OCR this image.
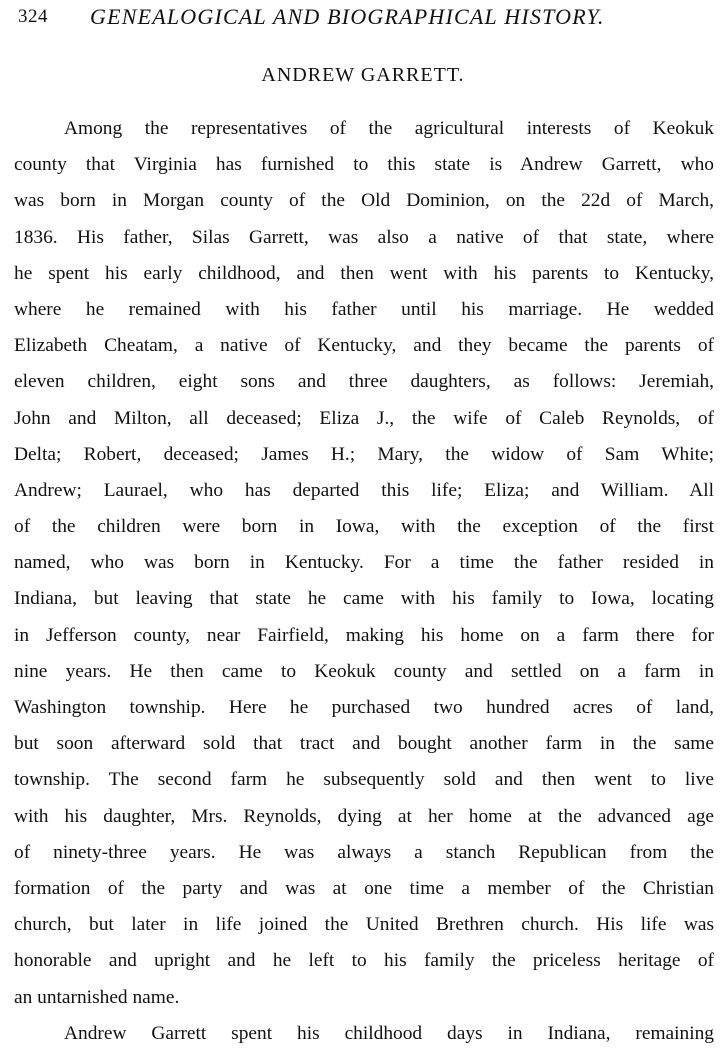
324 GENEALOGICAL AND BIOGRAPHICAL HISTORY.
ANDREW GARRETT.
Among the representatives of the agricultural interests of Keokuk
county that Virginia has furnished to this state is Andrew Garrett, who
was born in Morgan county of the Old Dominion, on the 22d of March,
1836. His father, Silas Garrett, was also a native of that state, where
he spent his early childhood, and then went with his parents to Kentucky,
where he remained with his father until his marriage. He wedded
Elizabeth Cheatam, a native of Kentucky, and they became the parents of
eleven children, eight sons and three daughters, as follows: Jeremiah,
John and Milton, all deceased; Eliza J., the wife of Caleb Reynolds, of
Delta; Robert, deceased; James H.; Mary, the widow of Sam White;
Andrew; Laurael, who has departed this life; Eliza; and William. All
of the children were born in Iowa, with the exception of the first
named, who was born in Kentucky. For a time the father resided in
Indiana, but leaving that state he came with his family to Iowa, locating
in Jefferson county, near Fairfield, making his home on a farm there for
nine years. He then came to Keokuk county and settled on a farm in
Washington township. Here he purchased two hundred acres of land,
but soon afterward sold that tract and bought another farm in the same
township. The second farm he subsequently sold and then went to live
with his daughter, Mrs. Reynolds, dying at her home at the advanced age
of ninety-three years. He was always a stanch Republican from the
formation of the party and was at one time a member of the Christian
church, but later in life joined the United Brethren church. His life was
honorable and upright and he left to his family the priceless heritage of
an untarnished name.
Andrew Garrett spent his childhood days in Indiana, remaining
